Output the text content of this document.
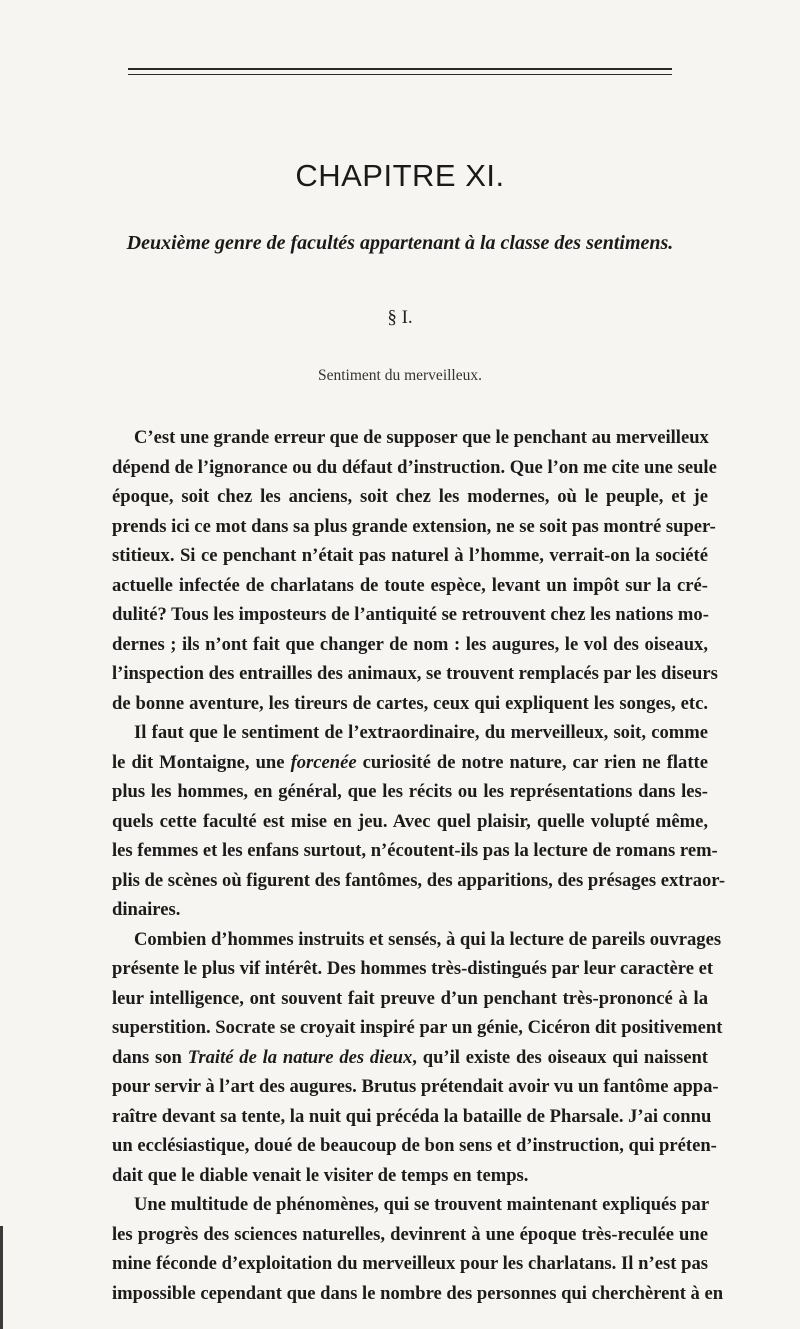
CHAPITRE XI.
Deuxième genre de facultés appartenant à la classe des sentimens.
§ I.
Sentiment du merveilleux.
C’est une grande erreur que de supposer que le penchant au merveilleux
dépend de l’ignorance ou du défaut d’instruction. Que l’on me cite une seule
époque, soit chez les anciens, soit chez les modernes, où le peuple, et je
prends ici ce mot dans sa plus grande extension, ne se soit pas montré super-
stitieux. Si ce penchant n’était pas naturel à l’homme, verrait-on la société
actuelle infectée de charlatans de toute espèce, levant un impôt sur la cré-
dulité? Tous les imposteurs de l’antiquité se retrouvent chez les nations mo-
dernes ; ils n’ont fait que changer de nom : les augures, le vol des oiseaux,
l’inspection des entrailles des animaux, se trouvent remplacés par les diseurs
de bonne aventure, les tireurs de cartes, ceux qui expliquent les songes, etc.
Il faut que le sentiment de l’extraordinaire, du merveilleux, soit, comme
le dit Montaigne, une forcenée curiosité de notre nature, car rien ne flatte
plus les hommes, en général, que les récits ou les représentations dans les-
quels cette faculté est mise en jeu. Avec quel plaisir, quelle volupté même,
les femmes et les enfans surtout, n’écoutent-ils pas la lecture de romans rem-
plis de scènes où figurent des fantômes, des apparitions, des présages extraor-
dinaires.
Combien d’hommes instruits et sensés, à qui la lecture de pareils ouvrages
présente le plus vif intérêt. Des hommes très-distingués par leur caractère et
leur intelligence, ont souvent fait preuve d’un penchant très-prononcé à la
superstition. Socrate se croyait inspiré par un génie, Cicéron dit positivement
dans son Traité de la nature des dieux, qu’il existe des oiseaux qui naissent
pour servir à l’art des augures. Brutus prétendait avoir vu un fantôme appa-
raître devant sa tente, la nuit qui précéda la bataille de Pharsale. J’ai connu
un ecclésiastique, doué de beaucoup de bon sens et d’instruction, qui préten-
dait que le diable venait le visiter de temps en temps.
Une multitude de phénomènes, qui se trouvent maintenant expliqués par
les progrès des sciences naturelles, devinrent à une époque très-reculée une
mine féconde d’exploitation du merveilleux pour les charlatans. Il n’est pas
impossible cependant que dans le nombre des personnes qui cherchèrent à en
